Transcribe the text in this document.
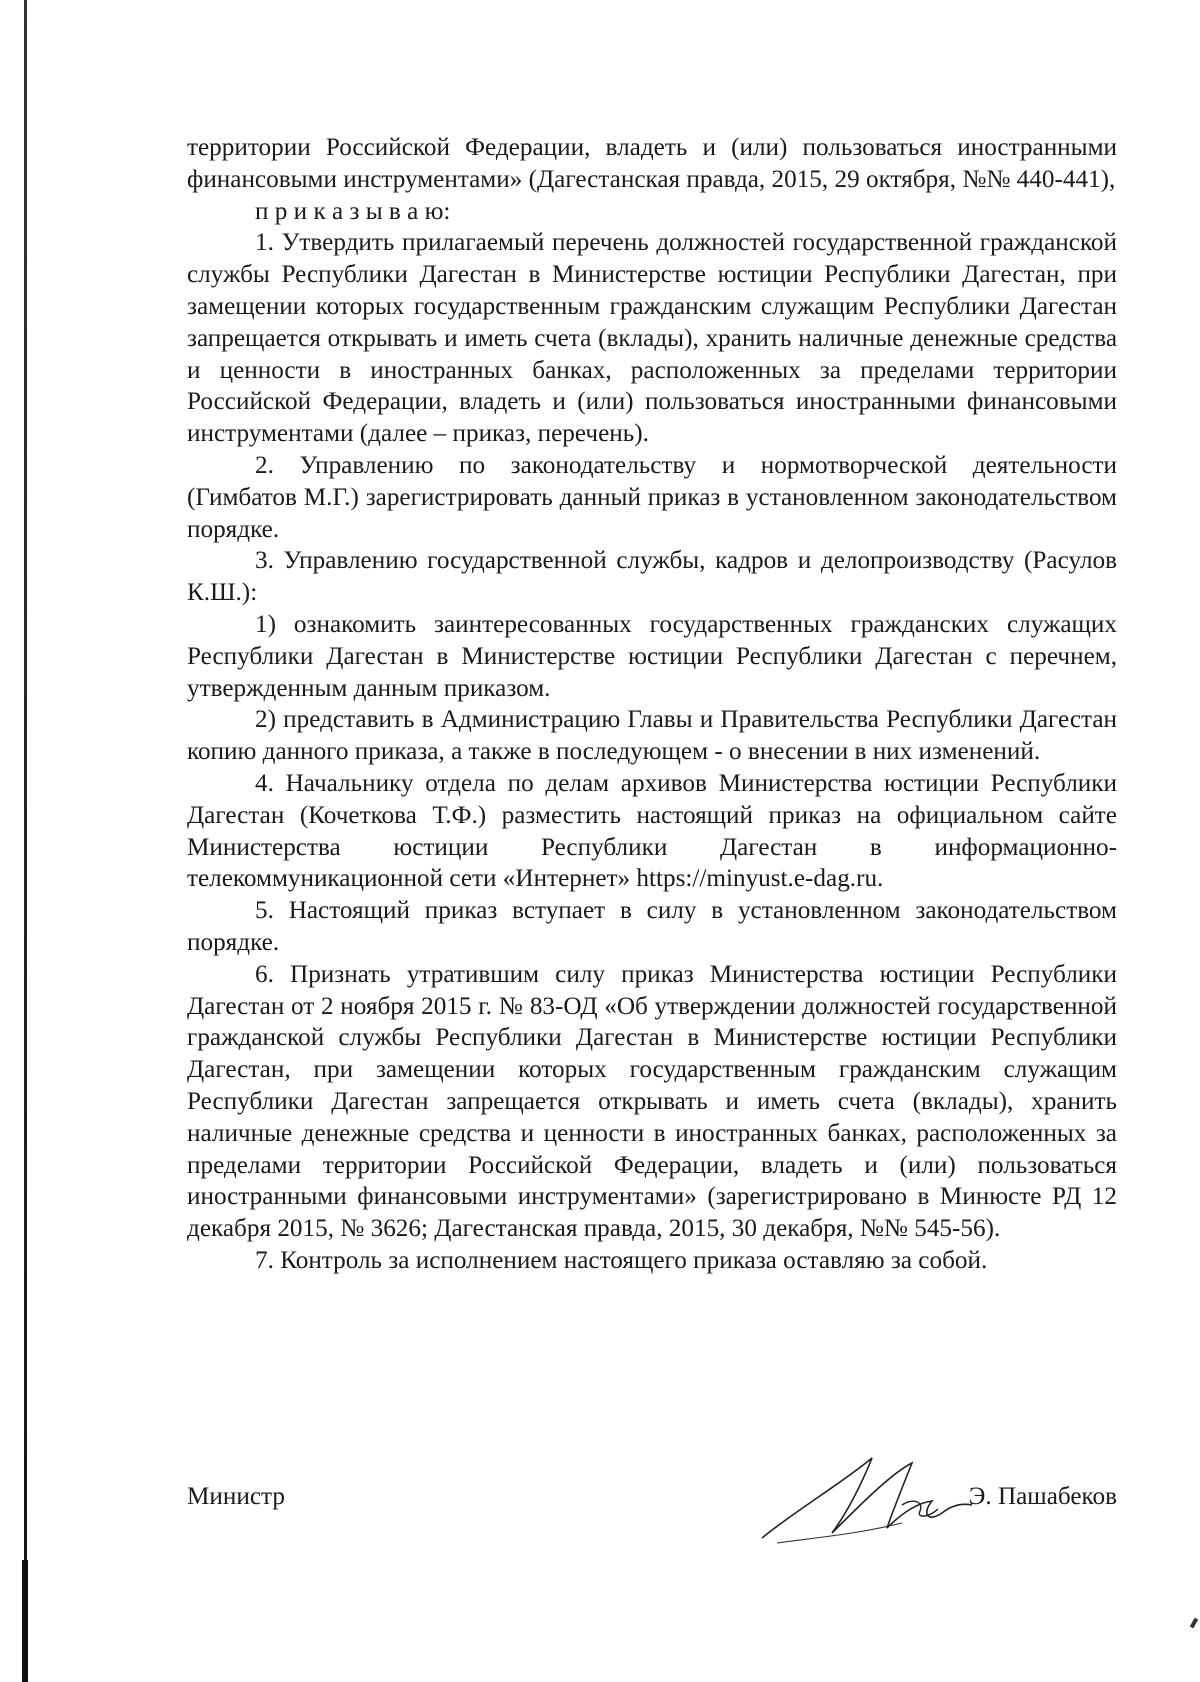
территории Российской Федерации, владеть и (или) пользоваться иностранными финансовыми инструментами» (Дагестанская правда, 2015, 29 октября, №№ 440-441),

п р и к а з ы в а ю:

1. Утвердить прилагаемый перечень должностей государственной гражданской службы Республики Дагестан в Министерстве юстиции Республики Дагестан, при замещении которых государственным гражданским служащим Республики Дагестан запрещается открывать и иметь счета (вклады), хранить наличные денежные средства и ценности в иностранных банках, расположенных за пределами территории Российской Федерации, владеть и (или) пользоваться иностранными финансовыми инструментами (далее – приказ, перечень).

2. Управлению по законодательству и нормотворческой деятельности (Гимбатов М.Г.) зарегистрировать данный приказ в установленном законодательством порядке.

3. Управлению государственной службы, кадров и делопроизводству (Расулов К.Ш.):

1) ознакомить заинтересованных государственных гражданских служащих Республики Дагестан в Министерстве юстиции Республики Дагестан с перечнем, утвержденным данным приказом.

2) представить в Администрацию Главы и Правительства Республики Дагестан копию данного приказа, а также в последующем - о внесении в них изменений.

4. Начальнику отдела по делам архивов Министерства юстиции Республики Дагестан (Кочеткова Т.Ф.) разместить настоящий приказ на официальном сайте Министерства юстиции Республики Дагестан в информационно-телекоммуникационной сети «Интернет» https://minyust.e-dag.ru.

5. Настоящий приказ вступает в силу в установленном законодательством порядке.

6. Признать утратившим силу приказ Министерства юстиции Республики Дагестан от 2 ноября 2015 г. № 83-ОД «Об утверждении должностей государственной гражданской службы Республики Дагестан в Министерстве юстиции Республики Дагестан, при замещении которых государственным гражданским служащим Республики Дагестан запрещается открывать и иметь счета (вклады), хранить наличные денежные средства и ценности в иностранных банках, расположенных за пределами территории Российской Федерации, владеть и (или) пользоваться иностранными финансовыми инструментами» (зарегистрировано в Минюсте РД 12 декабря 2015, № 3626; Дагестанская правда, 2015, 30 декабря, №№ 545-56).

7. Контроль за исполнением настоящего приказа оставляю за собой.

Министр	Э. Пашабеков
